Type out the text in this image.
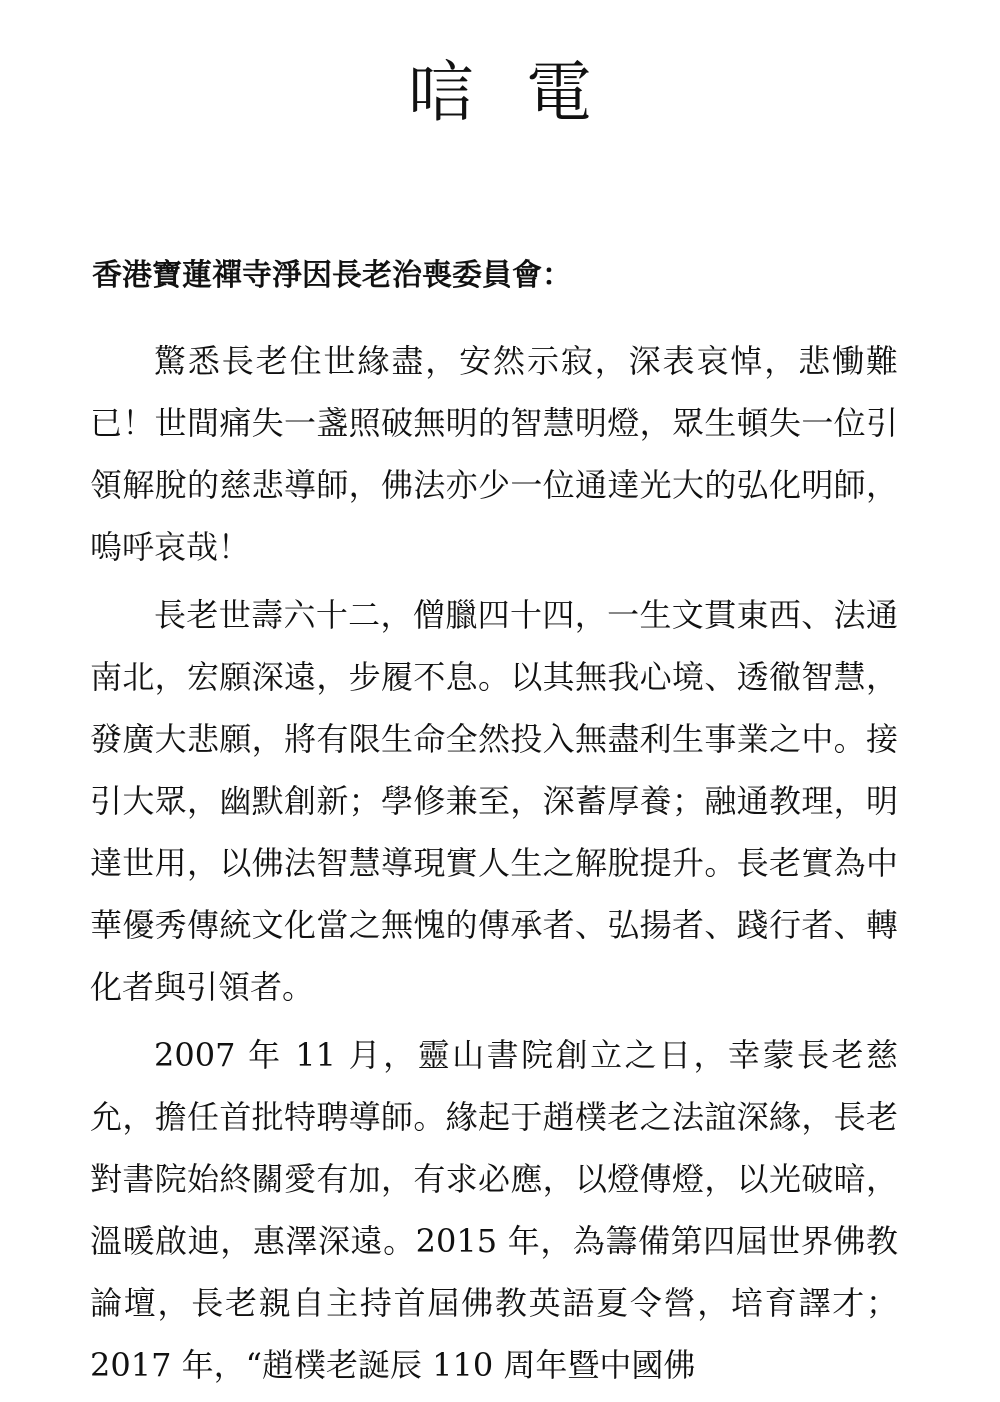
唁電

香港寶蓮禪寺淨因長老治喪委員會：

驚悉長老住世緣盡，安然示寂，深表哀悼，悲慟難已！世間痛失一盞照破無明的智慧明燈，眾生頓失一位引領解脫的慈悲導師，佛法亦少一位通達光大的弘化明師，嗚呼哀哉！

長老世壽六十二，僧臘四十四，一生文貫東西、法通南北，宏願深遠，步履不息。以其無我心境、透徹智慧，發廣大悲願，將有限生命全然投入無盡利生事業之中。接引大眾，幽默創新；學修兼至，深蓄厚養；融通教理，明達世用，以佛法智慧導現實人生之解脫提升。長老實為中華優秀傳統文化當之無愧的傳承者、弘揚者、踐行者、轉化者與引領者。

2007 年 11 月，靈山書院創立之日，幸蒙長老慈允，擔任首批特聘導師。緣起于趙樸老之法誼深緣，長老對書院始終關愛有加，有求必應，以燈傳燈，以光破暗，溫暖啟迪，惠澤深遠。2015 年，為籌備第四屆世界佛教論壇，長老親自主持首屆佛教英語夏令營，培育譯才；2017 年，“趙樸老誕辰 110 周年暨中國佛
